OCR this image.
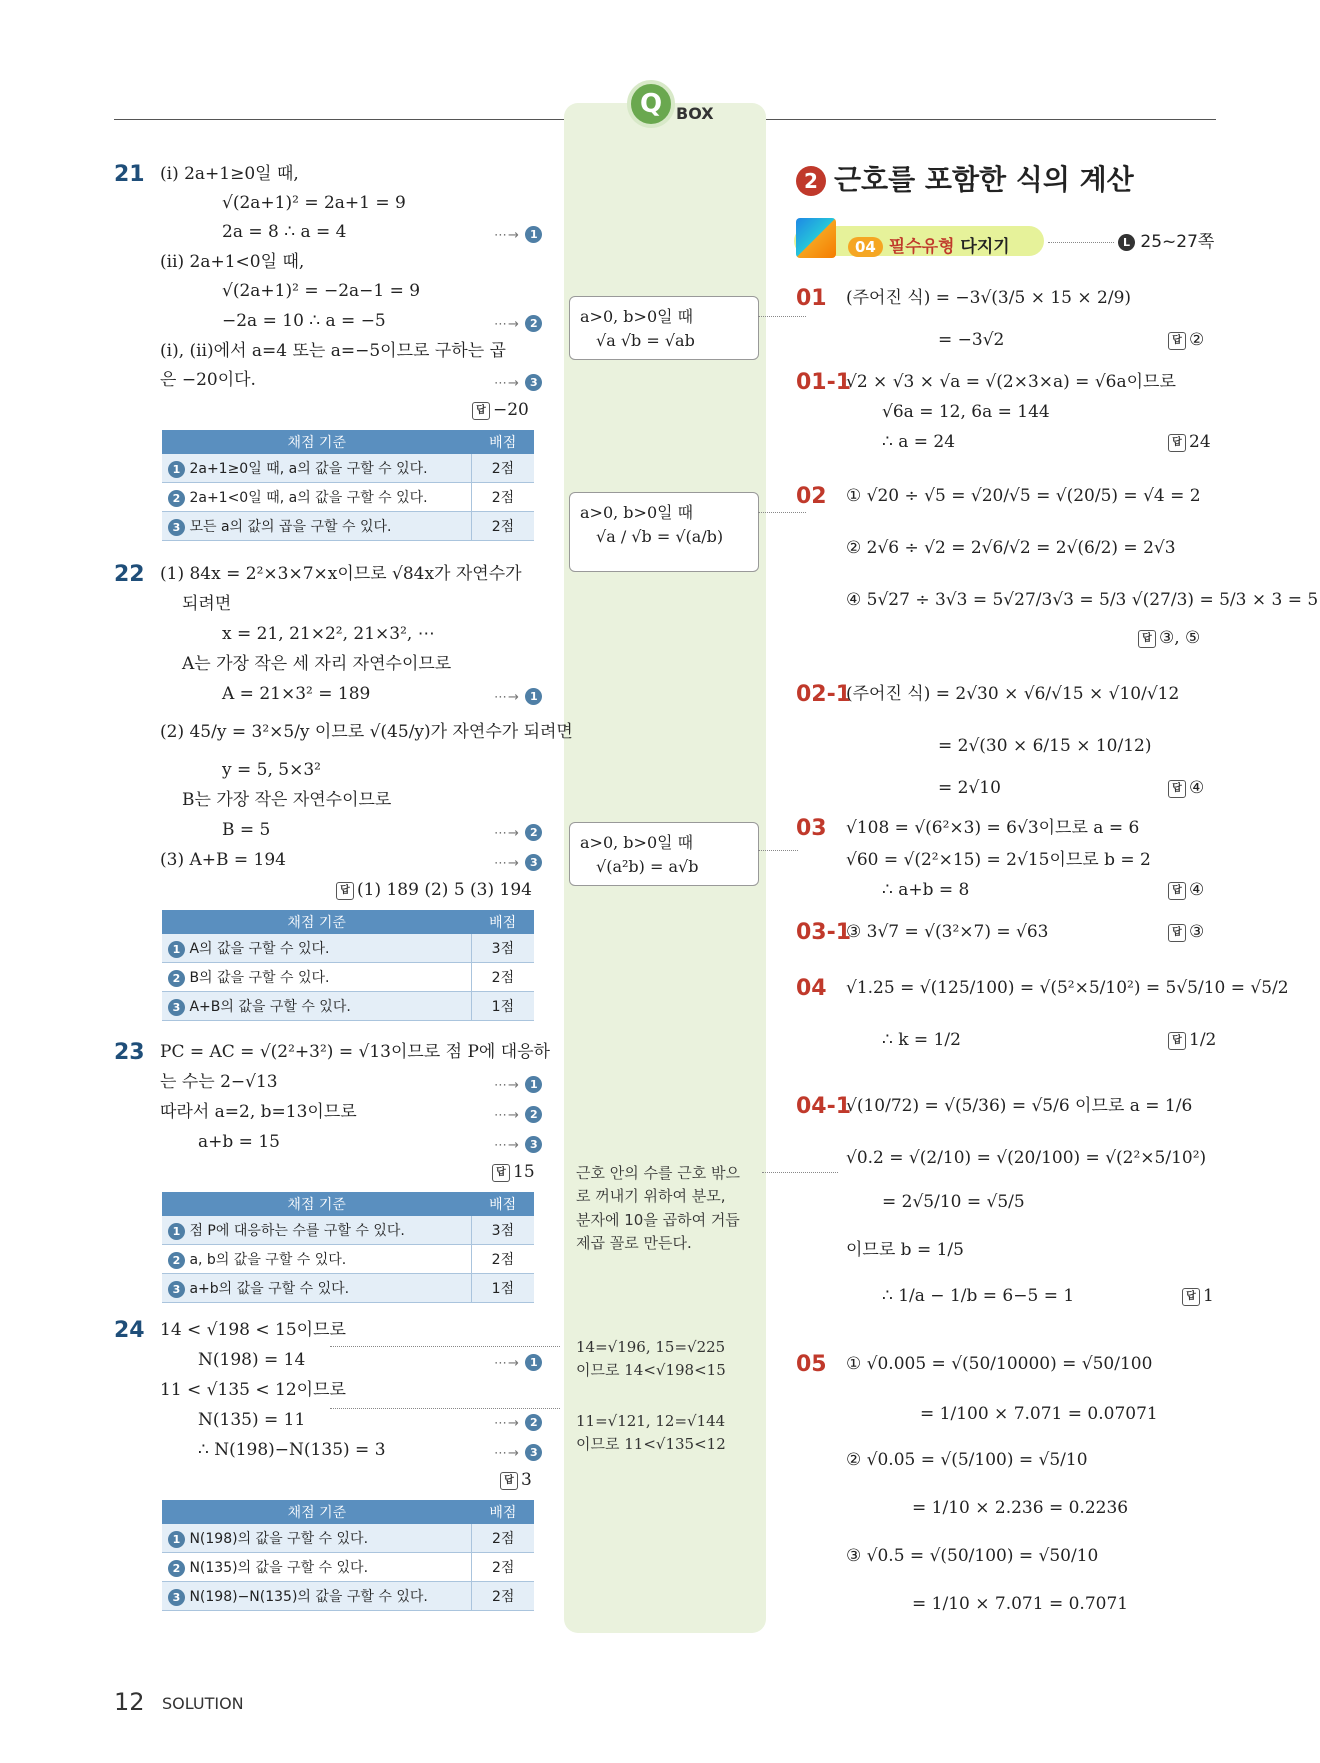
Q BOX
21 (ⅰ) 2a+1≥0일 때,
√(2a+1)² = 2a+1 = 9
2a = 8 ∴ a = 4	⋯→ 1
(ⅱ) 2a+1<0일 때,
√(2a+1)² = −2a−1 = 9
−2a = 10 ∴ a = −5	⋯→ 2
(ⅰ), (ⅱ)에서 a=4 또는 a=−5이므로 구하는 곱
은 −20이다.	⋯→ 3
답 −20
채점 기준	배점
1 2a+1≥0일 때, a의 값을 구할 수 있다.	2점
2 2a+1<0일 때, a의 값을 구할 수 있다.	2점
3 모든 a의 값의 곱을 구할 수 있다.	2점
22 (1) 84x = 2²×3×7×x이므로 √84x가 자연수가
되려면
x = 21, 21×2², 21×3², ⋯
A는 가장 작은 세 자리 자연수이므로
A = 21×3² = 189	⋯→ 1
(2) 45/y = 3²×5/y 이므로 √(45/y)가 자연수가 되려면
y = 5, 5×3²
B는 가장 작은 자연수이므로
B = 5	⋯→ 2
(3) A+B = 194	⋯→ 3
답 (1) 189 (2) 5 (3) 194
채점 기준	배점
1 A의 값을 구할 수 있다.	3점
2 B의 값을 구할 수 있다.	2점
3 A+B의 값을 구할 수 있다.	1점
23 PC = AC = √(2²+3²) = √13이므로 점 P에 대응하
는 수는 2−√13	⋯→ 1
따라서 a=2, b=13이므로	⋯→ 2
a+b = 15	⋯→ 3
답 15
채점 기준	배점
1 점 P에 대응하는 수를 구할 수 있다.	3점
2 a, b의 값을 구할 수 있다.	2점
3 a+b의 값을 구할 수 있다.	1점
24 14 < √198 < 15이므로
N(198) = 14	⋯→ 1
11 < √135 < 12이므로
N(135) = 11	⋯→ 2
∴ N(198)−N(135) = 3	⋯→ 3
답 3
채점 기준	배점
1 N(198)의 값을 구할 수 있다.	2점
2 N(135)의 값을 구할 수 있다.	2점
3 N(198)−N(135)의 값을 구할 수 있다.	2점
a>0, b>0일 때
√a √b = √ab
a>0, b>0일 때
√a / √b = √(a/b)
a>0, b>0일 때
√(a²b) = a√b
근호 안의 수를 근호 밖으
로 꺼내기 위하여 분모,
분자에 10을 곱하여 거듭
제곱 꼴로 만든다.
14=√196, 15=√225
이므로 14<√198<15
11=√121, 12=√144
이므로 11<√135<12
2 근호를 포함한 식의 계산
04 필수유형 다지기	L 25~27쪽
01 (주어진 식) = −3√(3/5 × 15 × 2/9)
= −3√2	답 ②
01-1
√2 × √3 × √a = √(2×3×a) = √6a이므로
√6a = 12, 6a = 144
∴ a = 24	답 24
02 ① √20 ÷ √5 = √20/√5 = √(20/5) = √4 = 2
② 2√6 ÷ √2 = 2√6/√2 = 2√(6/2) = 2√3
④ 5√27 ÷ 3√3 = 5√27/3√3 = 5/3 √(27/3) = 5/3 × 3 = 5
답 ③, ⑤
02-1
(주어진 식) = 2√30 × √6/√15 × √10/√12
= 2√(30 × 6/15 × 10/12)
= 2√10	답 ④
03 √108 = √(6²×3) = 6√3이므로 a = 6
√60 = √(2²×15) = 2√15이므로 b = 2
∴ a+b = 8	답 ④
03-1
③ 3√7 = √(3²×7) = √63	답 ③
04 √1.25 = √(125/100) = √(5²×5/10²) = 5√5/10 = √5/2
∴ k = 1/2	답 1/2
04-1
√(10/72) = √(5/36) = √5/6 이므로 a = 1/6
√0.2 = √(2/10) = √(20/100) = √(2²×5/10²)
= 2√5/10 = √5/5
이므로 b = 1/5
∴ 1/a − 1/b = 6−5 = 1	답 1
05 ① √0.005 = √(50/10000) = √50/100
= 1/100 × 7.071 = 0.07071
② √0.05 = √(5/100) = √5/10
= 1/10 × 2.236 = 0.2236
③ √0.5 = √(50/100) = √50/10
= 1/10 × 7.071 = 0.7071
12 SOLUTION
